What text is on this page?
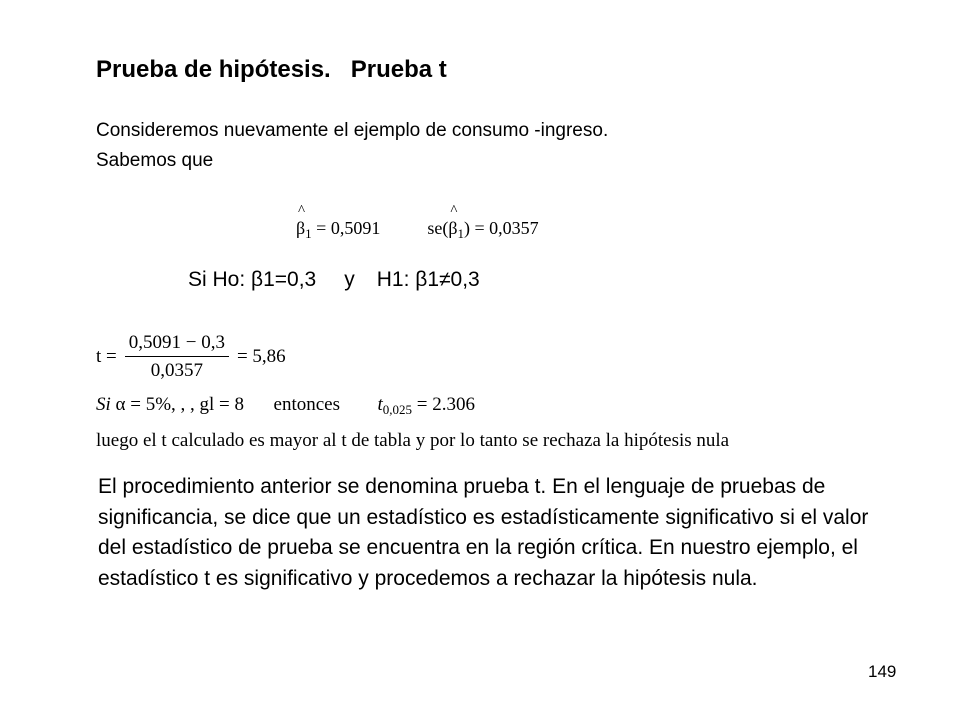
Prueba de hipótesis.   Prueba t
Consideremos nuevamente el ejemplo de consumo -ingreso. Sabemos que
^
$\beta_1 = 0,5091$	se(
^
$\beta_1) = 0,0357$
Si Ho: β1=0,3 y H1: β1≠0,3
$t = \frac{0,5091 - 0,3}{0,0357} = 5,86$
Si α = 5%, , , gl = 8 entonces $t_{0,025} = 2.306$
luego el t calculado es mayor al t de tabla y por lo tanto se rechaza la hipótesis nula
El procedimiento anterior se denomina prueba t. En el lenguaje de pruebas de significancia, se dice que un estadístico es estadísticamente significativo si el valor del estadístico de prueba se encuentra en la región crítica. En nuestro ejemplo, el estadístico t es significativo y procedemos a rechazar la hipótesis nula.
149
